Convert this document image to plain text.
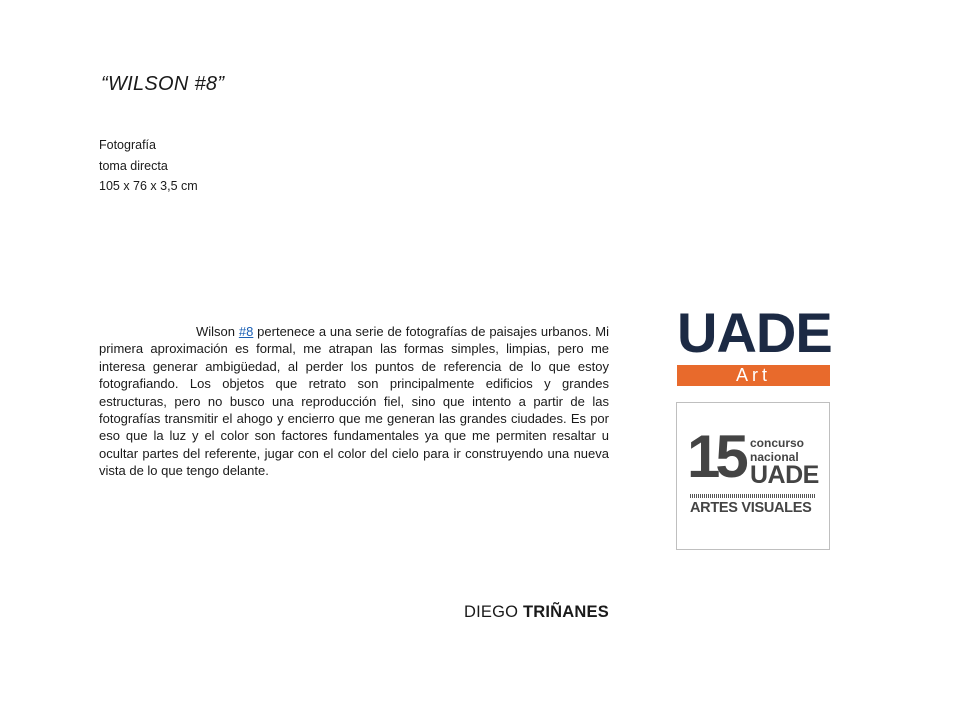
“WILSON #8”
Fotografía
toma directa
105 x 76 x 3,5 cm

Wilson #8 pertenece a una serie de fotografías de paisajes urbanos. Mi primera aproximación es formal, me atrapan las formas simples, limpias, pero me interesa generar ambigüedad, al perder los puntos de referencia de lo que estoy fotografiando. Los objetos que retrato son principalmente edificios y grandes estructuras, pero no busco una reproducción fiel, sino que intento a partir de las fotografías transmitir el ahogo y encierro que me generan las grandes ciudades. Es por eso que la luz y el color son factores fundamentales ya que me permiten resaltar u ocultar partes del referente, jugar con el color del cielo para ir construyendo una nueva vista de lo que tengo delante.

DIEGO TRIÑANES
UADE
Art
15 concurso
nacional
UADE
ARTES VISUALES
